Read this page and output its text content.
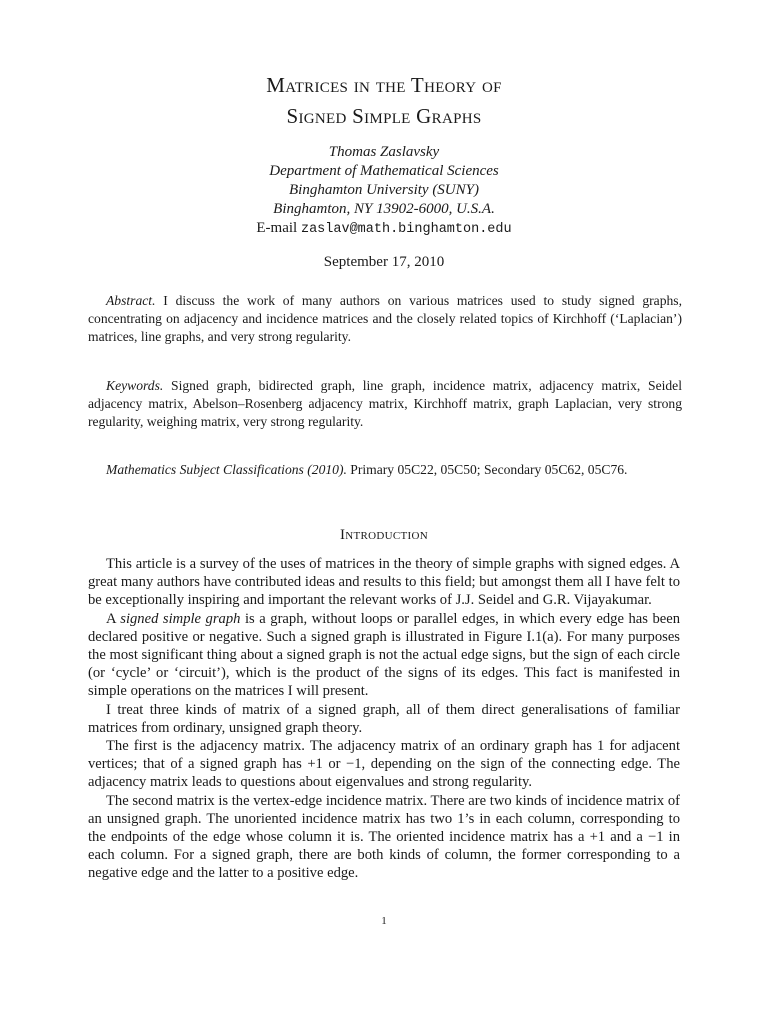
Matrices in the Theory of
Signed Simple Graphs
Thomas Zaslavsky
Department of Mathematical Sciences
Binghamton University (SUNY)
Binghamton, NY 13902-6000, U.S.A.
E-mail zaslav@math.binghamton.edu
September 17, 2010
Abstract. I discuss the work of many authors on various matrices used to study signed graphs, concentrating on adjacency and incidence matrices and the closely related topics of Kirchhoff (‘Laplacian’) matrices, line graphs, and very strong regularity.
Keywords. Signed graph, bidirected graph, line graph, incidence matrix, adjacency matrix, Seidel adjacency matrix, Abelson–Rosenberg adjacency matrix, Kirchhoff matrix, graph Laplacian, very strong regularity, weighing matrix, very strong regularity.
Mathematics Subject Classifications (2010). Primary 05C22, 05C50; Secondary 05C62, 05C76.
Introduction

This article is a survey of the uses of matrices in the theory of simple graphs with signed edges. A great many authors have contributed ideas and results to this field; but amongst them all I have felt to be exceptionally inspiring and important the relevant works of J.J. Seidel and G.R. Vijayakumar.

A signed simple graph is a graph, without loops or parallel edges, in which every edge has been declared positive or negative. Such a signed graph is illustrated in Figure I.1(a). For many purposes the most significant thing about a signed graph is not the actual edge signs, but the sign of each circle (or ‘cycle’ or ‘circuit’), which is the product of the signs of its edges. This fact is manifested in simple operations on the matrices I will present.

I treat three kinds of matrix of a signed graph, all of them direct generalisations of familiar matrices from ordinary, unsigned graph theory.

The first is the adjacency matrix. The adjacency matrix of an ordinary graph has 1 for adjacent vertices; that of a signed graph has +1 or −1, depending on the sign of the connecting edge. The adjacency matrix leads to questions about eigenvalues and strong regularity.

The second matrix is the vertex-edge incidence matrix. There are two kinds of incidence matrix of an unsigned graph. The unoriented incidence matrix has two 1’s in each column, corresponding to the endpoints of the edge whose column it is. The oriented incidence matrix has a +1 and a −1 in each column. For a signed graph, there are both kinds of column, the former corresponding to a negative edge and the latter to a positive edge.

1
